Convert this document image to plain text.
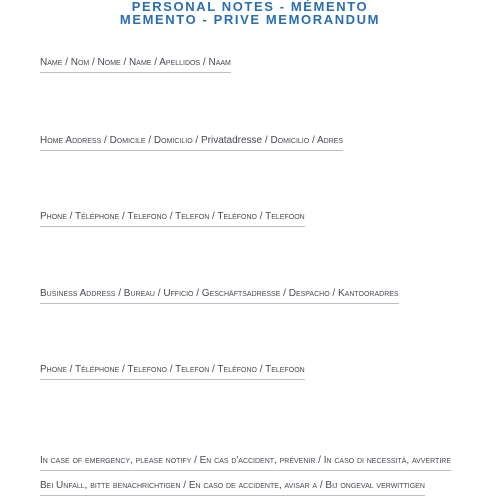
PERSONAL NOTES - MÉMENTO
MEMENTO - PRIVE MEMORANDUM
Name / Nom / Nome / Name / Apellidos / Naam
Home Address / Domicile / Domicilio / Privatadresse / Domicilio / Adres
Phone / Téléphone / Telefono / Telefon / Teléfono / Telefoon
Business Address / Bureau / Ufficio / Geschäftsadresse / Despacho / Kantooradres
Phone / Téléphone / Telefono / Telefon / Teléfono / Telefoon
In case of emergency, please notify / En cas d'accident, prévenir / In caso di necessità, avvertire
Bei Unfall, bitte benachrichtigen / En caso de accidente, avisar a / Bij ongeval verwittigen
